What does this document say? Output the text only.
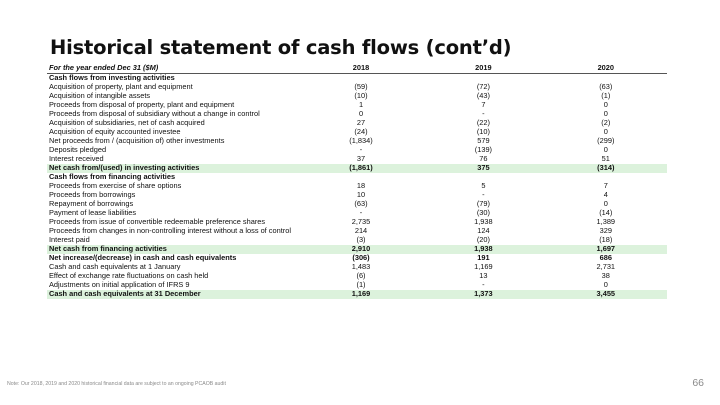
Historical statement of cash flows (cont’d)
For the year ended Dec 31 ($M)	2018	2019	2020
Cash flows from investing activities			
Acquisition of property, plant and equipment	(59)	(72)	(63)
Acquisition of intangible assets	(10)	(43)	(1)
Proceeds from disposal of property, plant and equipment	1	7	0
Proceeds from disposal of subsidiary without a change in control	0	-	0
Acquisition of subsidiaries, net of cash acquired	27	(22)	(2)
Acquisition of equity accounted investee	(24)	(10)	0
Net proceeds from / (acquisition of) other investments	(1,834)	579	(299)
Deposits pledged	-	(139)	0
Interest received	37	76	51
Net cash from/(used) in investing activities	(1,861)	375	(314)
Cash flows from financing activities			
Proceeds from exercise of share options	18	5	7
Proceeds from borrowings	10	-	4
Repayment of borrowings	(63)	(79)	0
Payment of lease liabilities	-	(30)	(14)
Proceeds from issue of convertible redeemable preference shares	2,735	1,938	1,389
Proceeds from changes in non-controlling interest without a loss of control	214	124	329
Interest paid	(3)	(20)	(18)
Net cash from financing activities	2,910	1,938	1,697
Net increase/(decrease) in cash and cash equivalents	(306)	191	686
Cash and cash equivalents at 1 January	1,483	1,169	2,731
Effect of exchange rate fluctuations on cash held	(6)	13	38
Adjustments on initial application of IFRS 9	(1)	-	0
Cash and cash equivalents at 31 December	1,169	1,373	3,455
Note: Our 2018, 2019 and 2020 historical financial data are subject to an ongoing PCAOB audit	66
